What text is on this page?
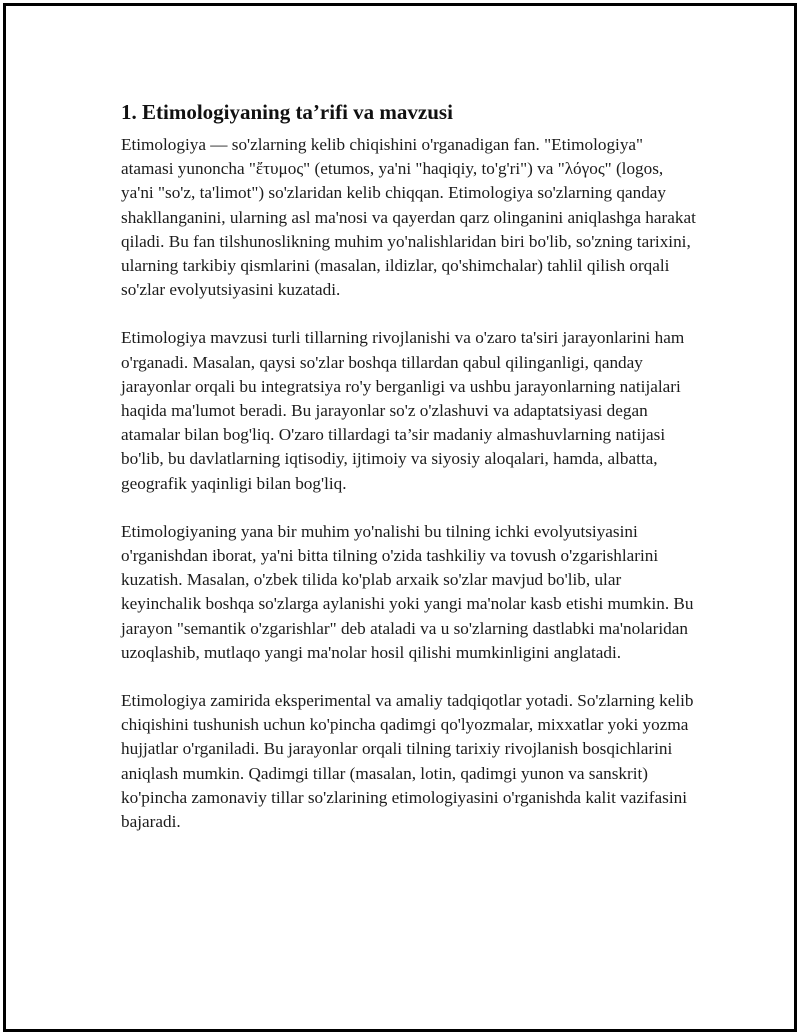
1. Etimologiyaning ta’rifi va mavzusi

Etimologiya — so'zlarning kelib chiqishini o'rganadigan fan. "Etimologiya" atamasi yunoncha "ἔτυμος" (etumos, ya'ni "haqiqiy, to'g'ri") va "λόγος" (logos, ya'ni "so'z, ta'limot") so'zlaridan kelib chiqqan. Etimologiya so'zlarning qanday shakllanganini, ularning asl ma'nosi va qayerdan qarz olinganini aniqlashga harakat qiladi. Bu fan tilshunoslikning muhim yo'nalishlaridan biri bo'lib, so'zning tarixini, ularning tarkibiy qismlarini (masalan, ildizlar, qo'shimchalar) tahlil qilish orqali so'zlar evolyutsiyasini kuzatadi.

Etimologiya mavzusi turli tillarning rivojlanishi va o'zaro ta'siri jarayonlarini ham o'rganadi. Masalan, qaysi so'zlar boshqa tillardan qabul qilinganligi, qanday jarayonlar orqali bu integratsiya ro'y berganligi va ushbu jarayonlarning natijalari haqida ma'lumot beradi. Bu jarayonlar so'z o'zlashuvi va adaptatsiyasi degan atamalar bilan bog'liq. O'zaro tillardagi ta’sir madaniy almashuvlarning natijasi bo'lib, bu davlatlarning iqtisodiy, ijtimoiy va siyosiy aloqalari, hamda, albatta, geografik yaqinligi bilan bog'liq.

Etimologiyaning yana bir muhim yo'nalishi bu tilning ichki evolyutsiyasini o'rganishdan iborat, ya'ni bitta tilning o'zida tashkiliy va tovush o'zgarishlarini kuzatish. Masalan, o'zbek tilida ko'plab arxaik so'zlar mavjud bo'lib, ular keyinchalik boshqa so'zlarga aylanishi yoki yangi ma'nolar kasb etishi mumkin. Bu jarayon "semantik o'zgarishlar" deb ataladi va u so'zlarning dastlabki ma'nolaridan uzoqlashib, mutlaqo yangi ma'nolar hosil qilishi mumkinligini anglatadi.

Etimologiya zamirida eksperimental va amaliy tadqiqotlar yotadi. So'zlarning kelib chiqishini tushunish uchun ko'pincha qadimgi qo'lyozmalar, mixxatlar yoki yozma hujjatlar o'rganiladi. Bu jarayonlar orqali tilning tarixiy rivojlanish bosqichlarini aniqlash mumkin. Qadimgi tillar (masalan, lotin, qadimgi yunon va sanskrit) ko'pincha zamonaviy tillar so'zlarining etimologiyasini o'rganishda kalit vazifasini bajaradi.
